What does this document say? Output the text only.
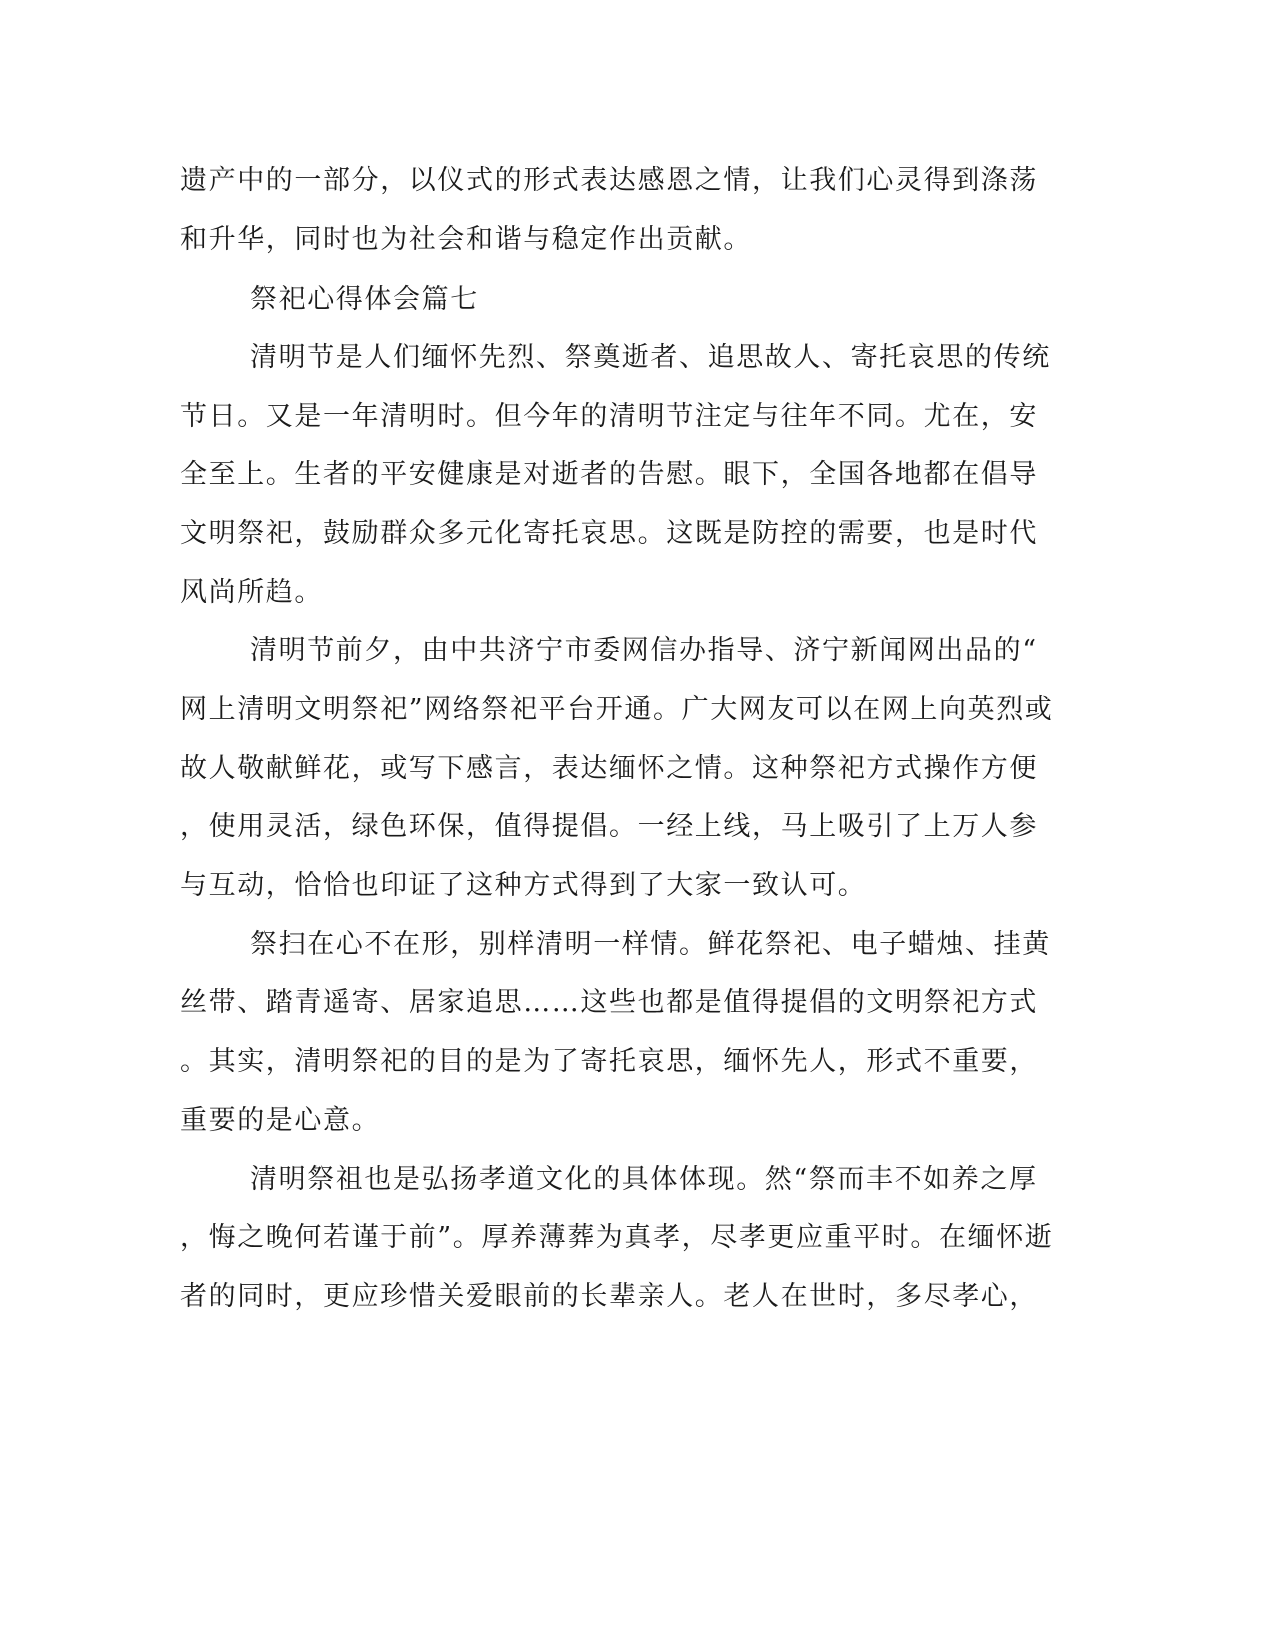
遗产中的一部分，以仪式的形式表达感恩之情，让我们心灵得到涤荡
和升华，同时也为社会和谐与稳定作出贡献。
祭祀心得体会篇七
清明节是人们缅怀先烈、祭奠逝者、追思故人、寄托哀思的传统
节日。又是一年清明时。但今年的清明节注定与往年不同。尤在，安
全至上。生者的平安健康是对逝者的告慰。眼下，全国各地都在倡导
文明祭祀，鼓励群众多元化寄托哀思。这既是防控的需要，也是时代
风尚所趋。
清明节前夕，由中共济宁市委网信办指导、济宁新闻网出品的“
网上清明文明祭祀”网络祭祀平台开通。广大网友可以在网上向英烈或
故人敬献鲜花，或写下感言，表达缅怀之情。这种祭祀方式操作方便
，使用灵活，绿色环保，值得提倡。一经上线，马上吸引了上万人参
与互动，恰恰也印证了这种方式得到了大家一致认可。
祭扫在心不在形，别样清明一样情。鲜花祭祀、电子蜡烛、挂黄
丝带、踏青遥寄、居家追思……这些也都是值得提倡的文明祭祀方式
。其实，清明祭祀的目的是为了寄托哀思，缅怀先人，形式不重要，
重要的是心意。
清明祭祖也是弘扬孝道文化的具体体现。然“祭而丰不如养之厚
，悔之晚何若谨于前”。厚养薄葬为真孝，尽孝更应重平时。在缅怀逝
者的同时，更应珍惜关爱眼前的长辈亲人。老人在世时，多尽孝心，
